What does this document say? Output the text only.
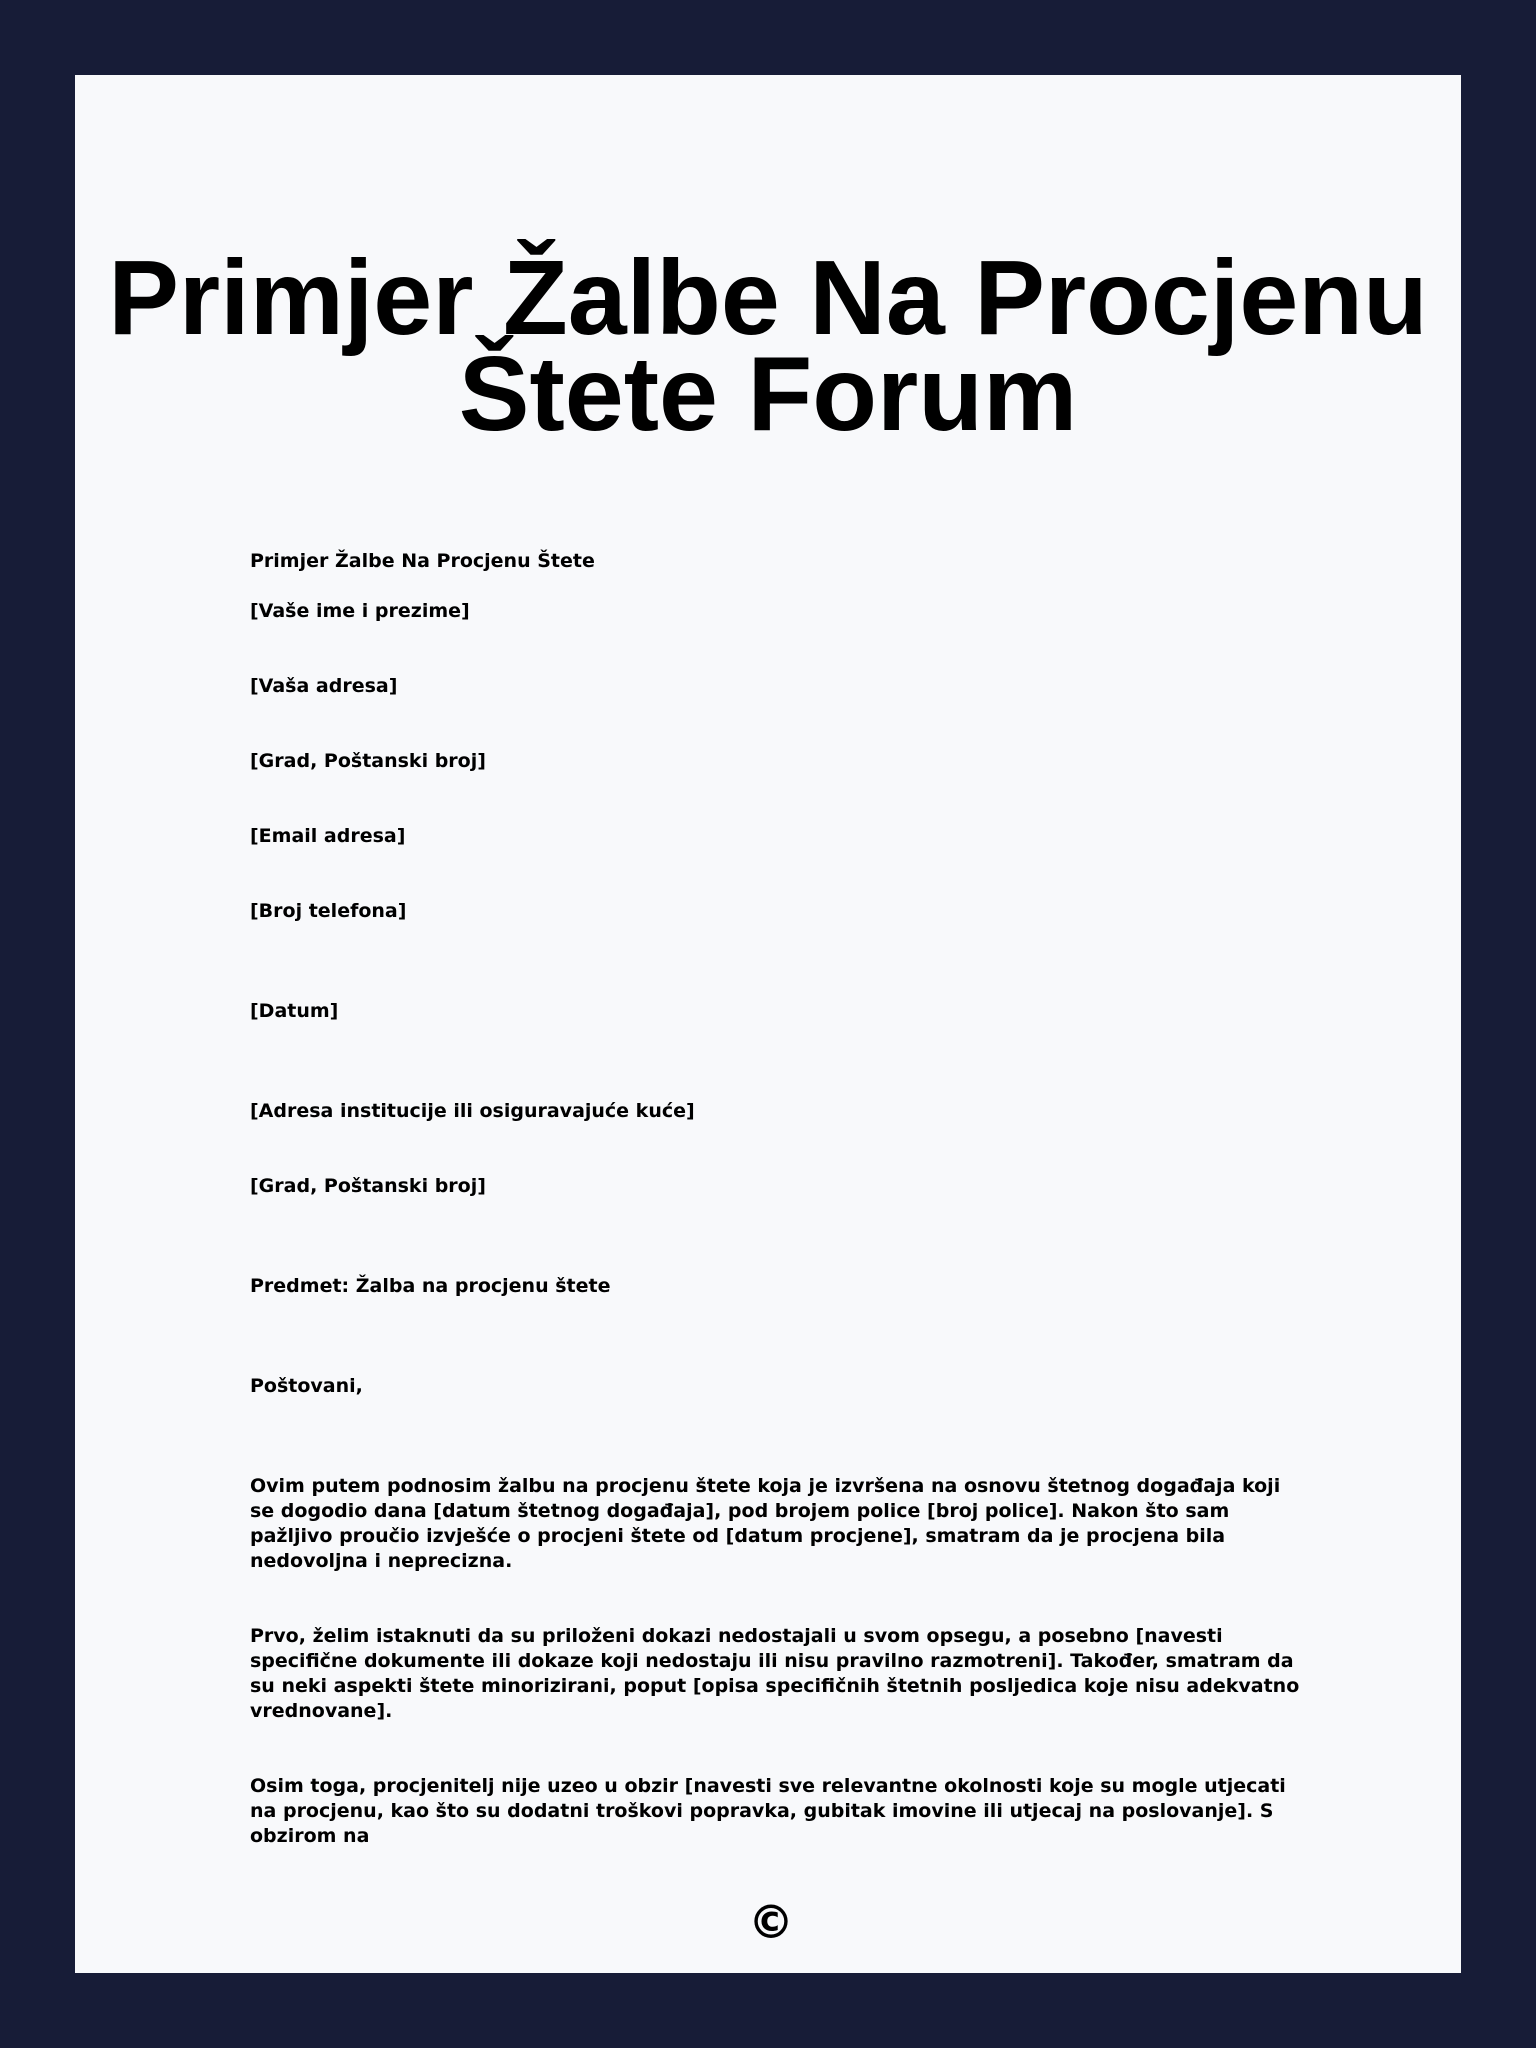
Primjer Žalbe Na Procjenu Štete Forum

Primjer Žalbe Na Procjenu Štete

[Vaše ime i prezime]

[Vaša adresa]

[Grad, Poštanski broj]

[Email adresa]

[Broj telefona]

[Datum]

[Adresa institucije ili osiguravajuće kuće]

[Grad, Poštanski broj]

Predmet: Žalba na procjenu štete

Poštovani,

Ovim putem podnosim žalbu na procjenu štete koja je izvršena na osnovu štetnog događaja koji se dogodio dana [datum štetnog događaja], pod brojem police [broj police]. Nakon što sam pažljivo proučio izvješće o procjeni štete od [datum procjene], smatram da je procjena bila nedovoljna i neprecizna.

Prvo, želim istaknuti da su priloženi dokazi nedostajali u svom opsegu, a posebno [navesti specifične dokumente ili dokaze koji nedostaju ili nisu pravilno razmotreni]. Također, smatram da su neki aspekti štete minorizirani, poput [opisa specifičnih štetnih posljedica koje nisu adekvatno vrednovane].

Osim toga, procjenitelj nije uzeo u obzir [navesti sve relevantne okolnosti koje su mogle utjecati na procjenu, kao što su dodatni troškovi popravka, gubitak imovine ili utjecaj na poslovanje]. S obzirom na

©
